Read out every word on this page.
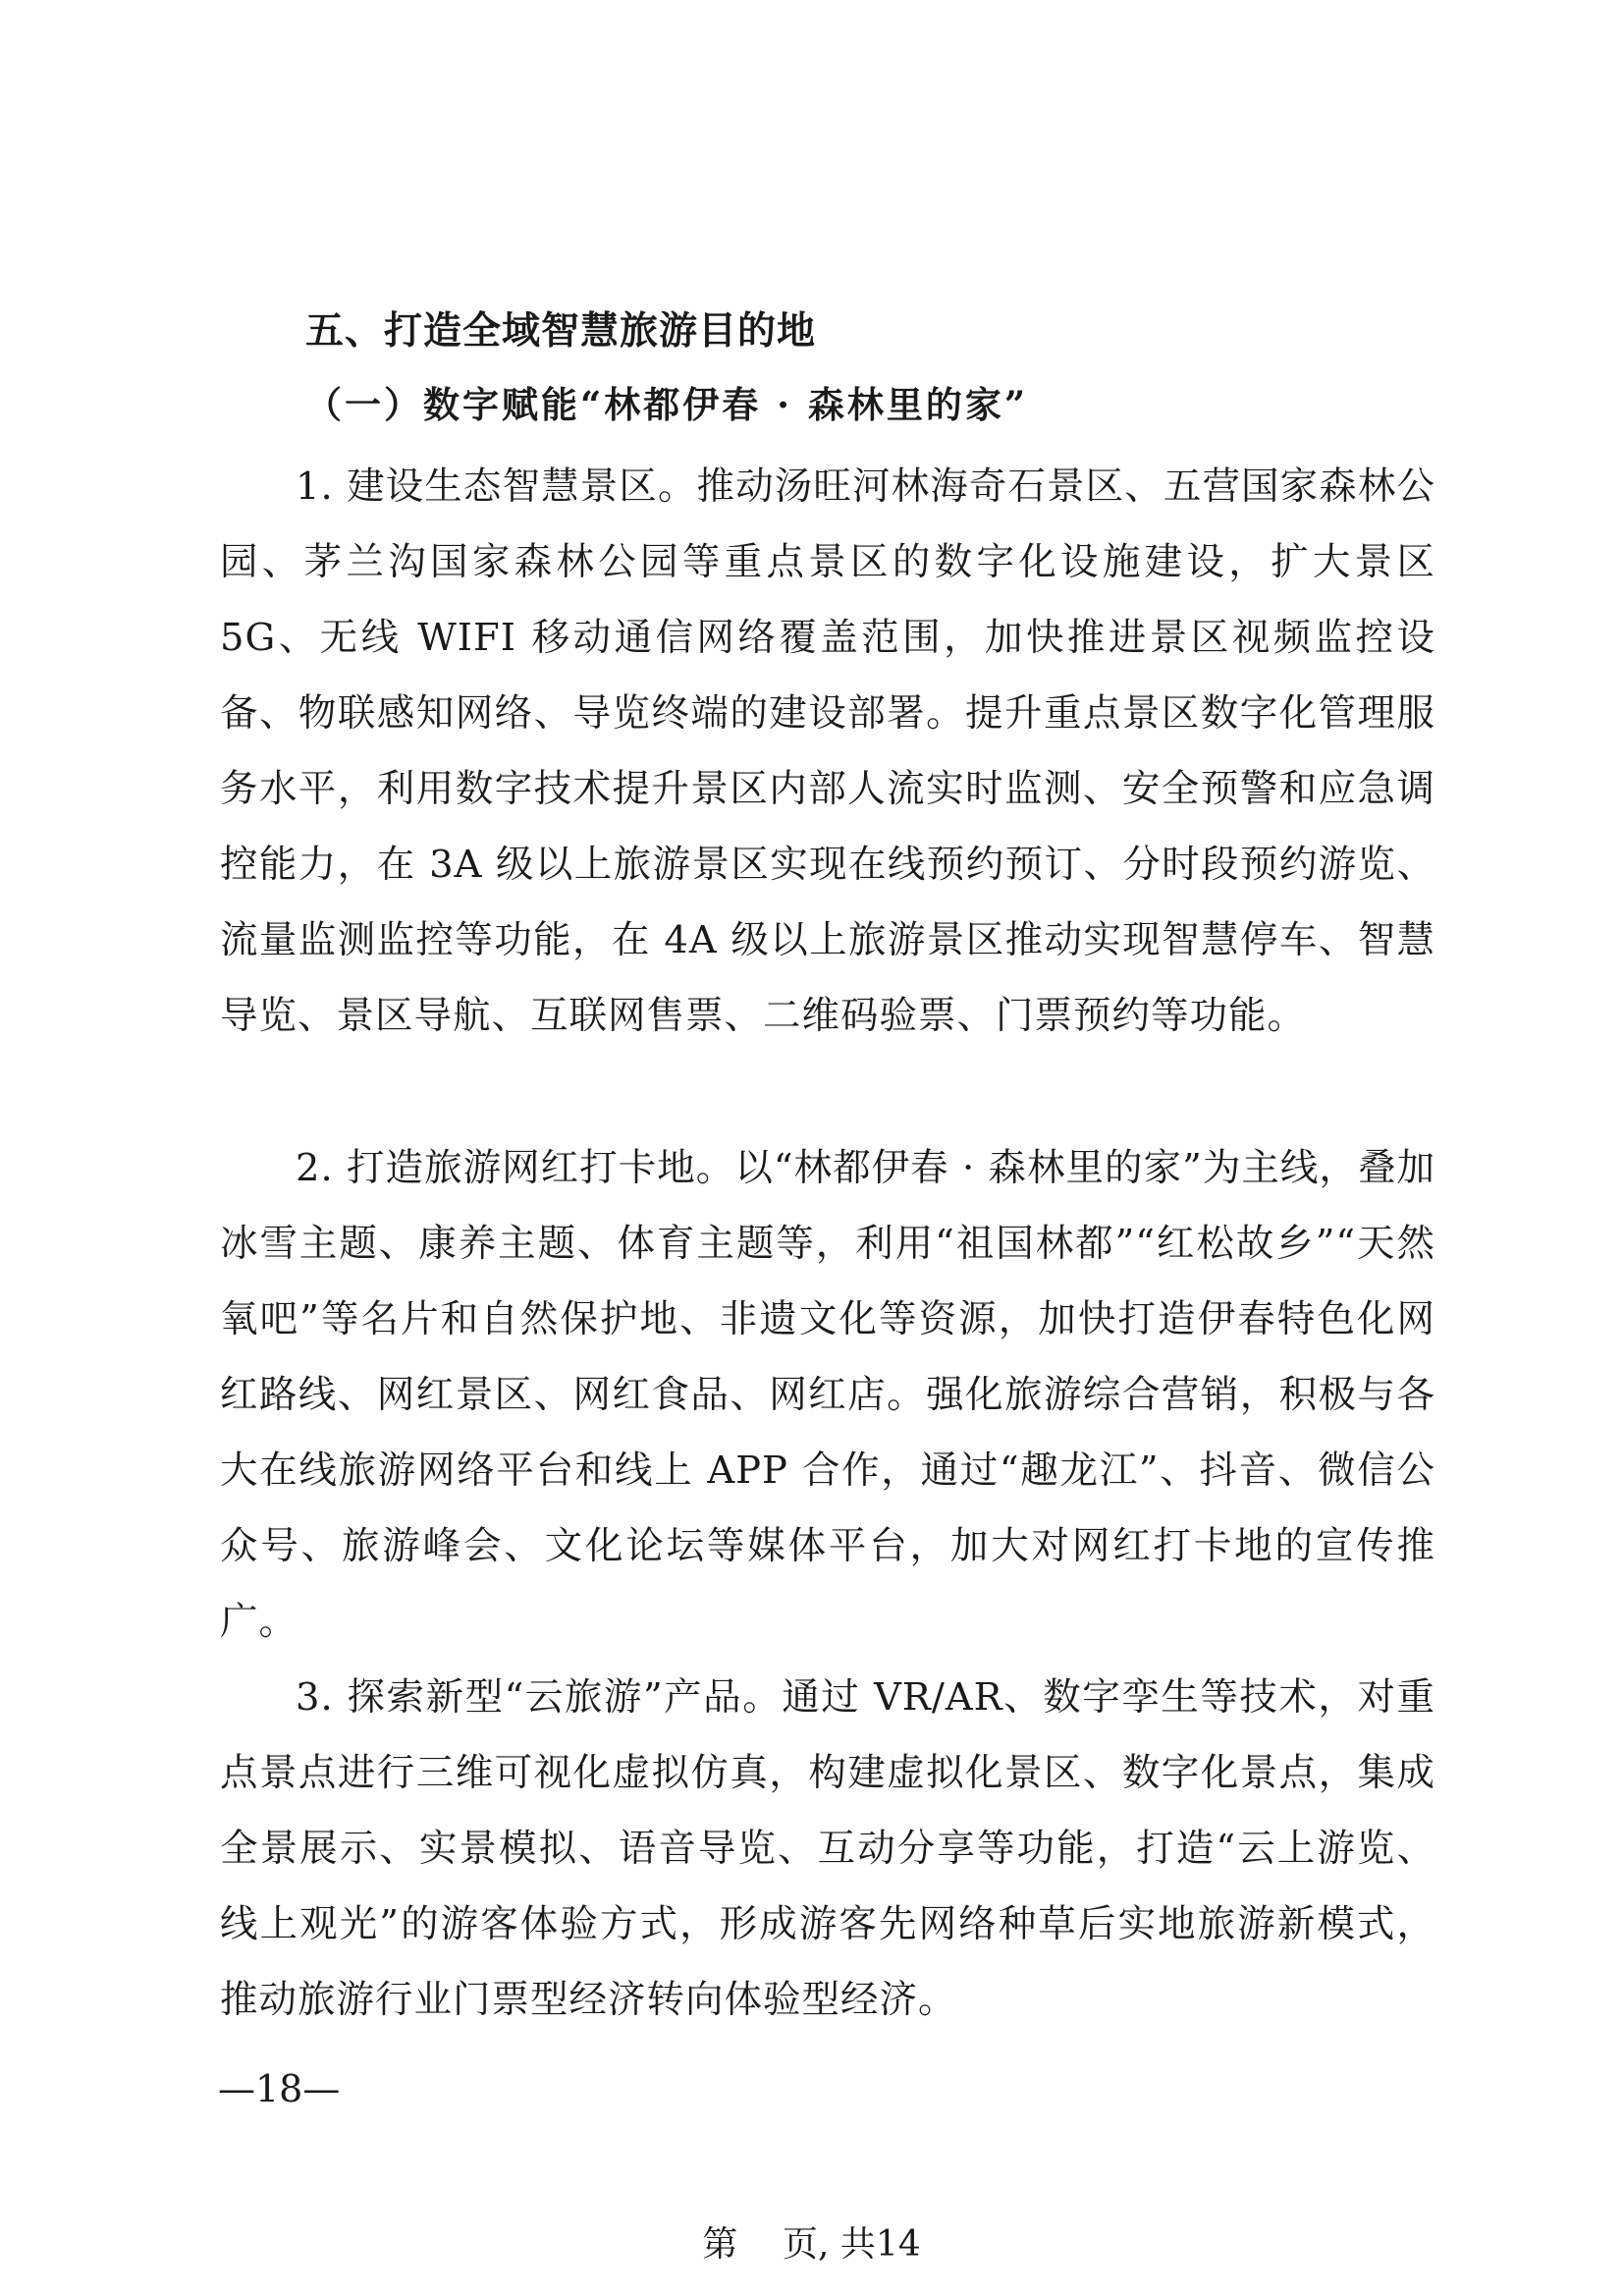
五、打造全域智慧旅游目的地
（一）数字赋能“林都伊春 · 森林里的家”

1. 建设生态智慧景区。推动汤旺河林海奇石景区、五营国家森林公园、茅兰沟国家森林公园等重点景区的数字化设施建设，扩大景区 5G、无线 WIFI 移动通信网络覆盖范围，加快推进景区视频监控设备、物联感知网络、导览终端的建设部署。提升重点景区数字化管理服务水平，利用数字技术提升景区内部人流实时监测、安全预警和应急调控能力，在 3A 级以上旅游景区实现在线预约预订、分时段预约游览、流量监测监控等功能，在 4A 级以上旅游景区推动实现智慧停车、智慧导览、景区导航、互联网售票、二维码验票、门票预约等功能。

2. 打造旅游网红打卡地。以“林都伊春 · 森林里的家”为主线，叠加冰雪主题、康养主题、体育主题等，利用“祖国林都”“红松故乡”“天然氧吧”等名片和自然保护地、非遗文化等资源，加快打造伊春特色化网红路线、网红景区、网红食品、网红店。强化旅游综合营销，积极与各大在线旅游网络平台和线上 APP 合作，通过“趣龙江”、抖音、微信公众号、旅游峰会、文化论坛等媒体平台，加大对网红打卡地的宣传推广。

3. 探索新型“云旅游”产品。通过 VR/AR、数字孪生等技术，对重点景点进行三维可视化虚拟仿真，构建虚拟化景区、数字化景点，集成全景展示、实景模拟、语音导览、互动分享等功能，打造“云上游览、线上观光”的游客体验方式，形成游客先网络种草后实地旅游新模式，推动旅游行业门票型经济转向体验型经济。

—18—
第    页, 共14
